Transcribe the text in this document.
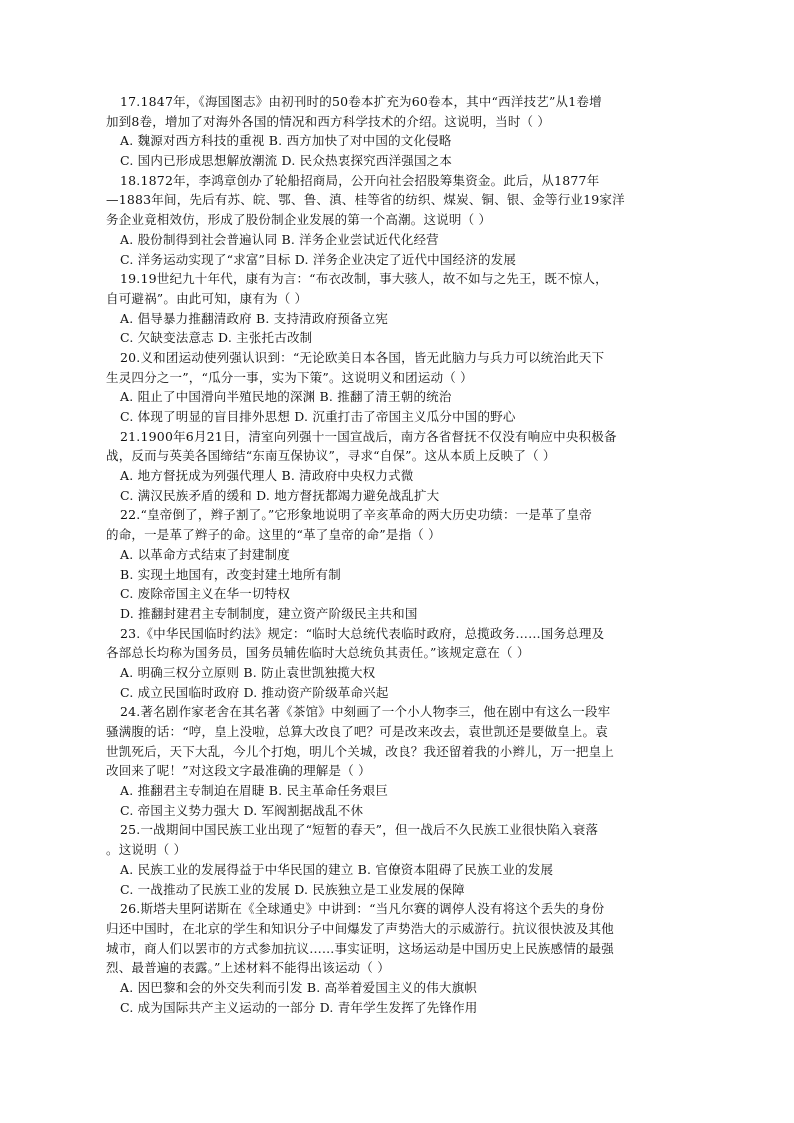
17.1847年，《海国图志》由初刊时的50卷本扩充为60卷本，其中“西洋技艺”从1卷增
加到8卷，增加了对海外各国的情况和西方科学技术的介绍。这说明，当时（ ）
A. 魏源对西方科技的重视 B. 西方加快了对中国的文化侵略
C. 国内已形成思想解放潮流 D. 民众热衷探究西洋强国之本
18.1872年，李鸿章创办了轮船招商局，公开向社会招股筹集资金。此后，从1877年
—1883年间，先后有苏、皖、鄂、鲁、滇、桂等省的纺织、煤炭、铜、银、金等行业19家洋
务企业竟相效仿，形成了股份制企业发展的第一个高潮。这说明（ ）
A. 股份制得到社会普遍认同 B. 洋务企业尝试近代化经营
C. 洋务运动实现了“求富”目标 D. 洋务企业决定了近代中国经济的发展
19.19世纪九十年代，康有为言：“布衣改制，事大骇人，故不如与之先王，既不惊人，
自可避祸”。由此可知，康有为（ ）
A. 倡导暴力推翻清政府 B. 支持清政府预备立宪
C. 欠缺变法意志 D. 主张托古改制
20.义和团运动使列强认识到：“无论欧美日本各国，皆无此脑力与兵力可以统治此天下
生灵四分之一”，“瓜分一事，实为下策”。这说明义和团运动（ ）
A. 阻止了中国滑向半殖民地的深渊 B. 推翻了清王朝的统治
C. 体现了明显的盲目排外思想 D. 沉重打击了帝国主义瓜分中国的野心
21.1900年6月21日，清室向列强十一国宣战后，南方各省督抚不仅没有响应中央积极备
战，反而与英美各国缔结“东南互保协议”，寻求“自保”。这从本质上反映了（ ）
A. 地方督抚成为列强代理人 B. 清政府中央权力式微
C. 满汉民族矛盾的缓和 D. 地方督抚都竭力避免战乱扩大
22.“皇帝倒了，辫子割了。”它形象地说明了辛亥革命的两大历史功绩：一是革了皇帝
的命，一是革了辫子的命。这里的“革了皇帝的命”是指（ ）
A. 以革命方式结束了封建制度
B. 实现土地国有，改变封建土地所有制
C. 废除帝国主义在华一切特权
D. 推翻封建君主专制制度，建立资产阶级民主共和国
23.《中华民国临时约法》规定：“临时大总统代表临时政府，总揽政务……国务总理及
各部总长均称为国务员，国务员辅佐临时大总统负其责任。”该规定意在（ ）
A. 明确三权分立原则 B. 防止袁世凯独揽大权
C. 成立民国临时政府 D. 推动资产阶级革命兴起
24.著名剧作家老舍在其名著《茶馆》中刻画了一个小人物李三，他在剧中有这么一段牢
骚满腹的话：“哼，皇上没啦，总算大改良了吧？可是改来改去，袁世凯还是要做皇上。袁
世凯死后，天下大乱，今儿个打炮，明儿个关城，改良？我还留着我的小辫儿，万一把皇上
改回来了呢！”对这段文字最准确的理解是（ ）
A. 推翻君主专制迫在眉睫 B. 民主革命任务艰巨
C. 帝国主义势力强大 D. 军阀割据战乱不休
25.一战期间中国民族工业出现了“短暂的春天”，但一战后不久民族工业很快陷入衰落
。这说明（ ）
A. 民族工业的发展得益于中华民国的建立 B. 官僚资本阻碍了民族工业的发展
C. 一战推动了民族工业的发展 D. 民族独立是工业发展的保障
26.斯塔夫里阿诺斯在《全球通史》中讲到：“当凡尔赛的调停人没有将这个丢失的身份
归还中国时，在北京的学生和知识分子中间爆发了声势浩大的示威游行。抗议很快波及其他
城市，商人们以罢市的方式参加抗议……事实证明，这场运动是中国历史上民族感情的最强
烈、最普遍的表露。”上述材料不能得出该运动（ ）
A. 因巴黎和会的外交失利而引发 B. 高举着爱国主义的伟大旗帜
C. 成为国际共产主义运动的一部分 D. 青年学生发挥了先锋作用
